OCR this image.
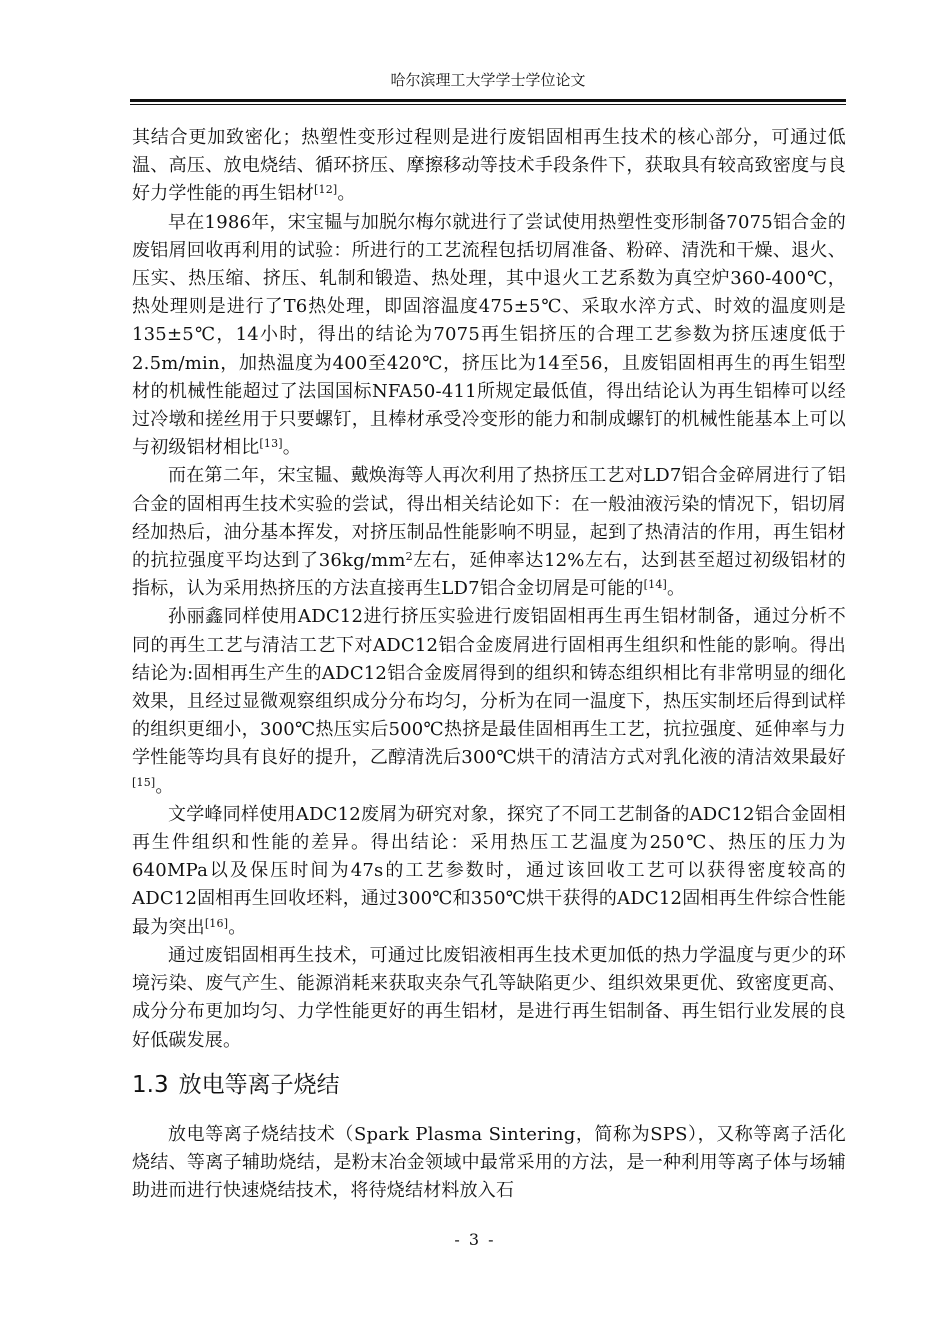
哈尔滨理工大学学士学位论文

其结合更加致密化；热塑性变形过程则是进行废铝固相再生技术的核心部分，可通过低温、高压、放电烧结、循环挤压、摩擦移动等技术手段条件下，获取具有较高致密度与良好力学性能的再生铝材[12]。

早在1986年，宋宝韫与加脱尔梅尔就进行了尝试使用热塑性变形制备7075铝合金的废铝屑回收再利用的试验：所进行的工艺流程包括切屑准备、粉碎、清洗和干燥、退火、压实、热压缩、挤压、轧制和锻造、热处理，其中退火工艺系数为真空炉360-400℃，热处理则是进行了T6热处理，即固溶温度475±5℃、采取水淬方式、时效的温度则是135±5℃，14小时，得出的结论为7075再生铝挤压的合理工艺参数为挤压速度低于2.5m/min，加热温度为400至420℃，挤压比为14至56，且废铝固相再生的再生铝型材的机械性能超过了法国国标NFA50-411所规定最低值，得出结论认为再生铝棒可以经过冷墩和搓丝用于只要螺钉，且棒材承受冷变形的能力和制成螺钉的机械性能基本上可以与初级铝材相比[13]。

而在第二年，宋宝韫、戴焕海等人再次利用了热挤压工艺对LD7铝合金碎屑进行了铝合金的固相再生技术实验的尝试，得出相关结论如下：在一般油液污染的情况下，铝切屑经加热后，油分基本挥发，对挤压制品性能影响不明显，起到了热清洁的作用，再生铝材的抗拉强度平均达到了$36kg/mm^2$左右，延伸率达12%左右，达到甚至超过初级铝材的指标，认为采用热挤压的方法直接再生LD7铝合金切屑是可能的[14]。

孙丽鑫同样使用ADC12进行挤压实验进行废铝固相再生再生铝材制备，通过分析不同的再生工艺与清洁工艺下对ADC12铝合金废屑进行固相再生组织和性能的影响。得出结论为:固相再生产生的ADC12铝合金废屑得到的组织和铸态组织相比有非常明显的细化效果，且经过显微观察组织成分分布均匀，分析为在同一温度下，热压实制坯后得到试样的组织更细小，300℃热压实后500℃热挤是最佳固相再生工艺，抗拉强度、延伸率与力学性能等均具有良好的提升，乙醇清洗后300℃烘干的清洁方式对乳化液的清洁效果最好[15]。

文学峰同样使用ADC12废屑为研究对象，探究了不同工艺制备的ADC12铝合金固相再生件组织和性能的差异。得出结论：采用热压工艺温度为250℃、热压的压力为640MPa以及保压时间为47s的工艺参数时，通过该回收工艺可以获得密度较高的ADC12固相再生回收坯料，通过300℃和350℃烘干获得的ADC12固相再生件综合性能最为突出[16]。

通过废铝固相再生技术，可通过比废铝液相再生技术更加低的热力学温度与更少的环境污染、废气产生、能源消耗来获取夹杂气孔等缺陷更少、组织效果更优、致密度更高、成分分布更加均匀、力学性能更好的再生铝材，是进行再生铝制备、再生铝行业发展的良好低碳发展。

1.3 放电等离子烧结

放电等离子烧结技术（Spark Plasma Sintering，简称为SPS），又称等离子活化烧结、等离子辅助烧结，是粉末冶金领域中最常采用的方法，是一种利用等离子体与场辅助进而进行快速烧结技术，将待烧结材料放入石

- 3 -
